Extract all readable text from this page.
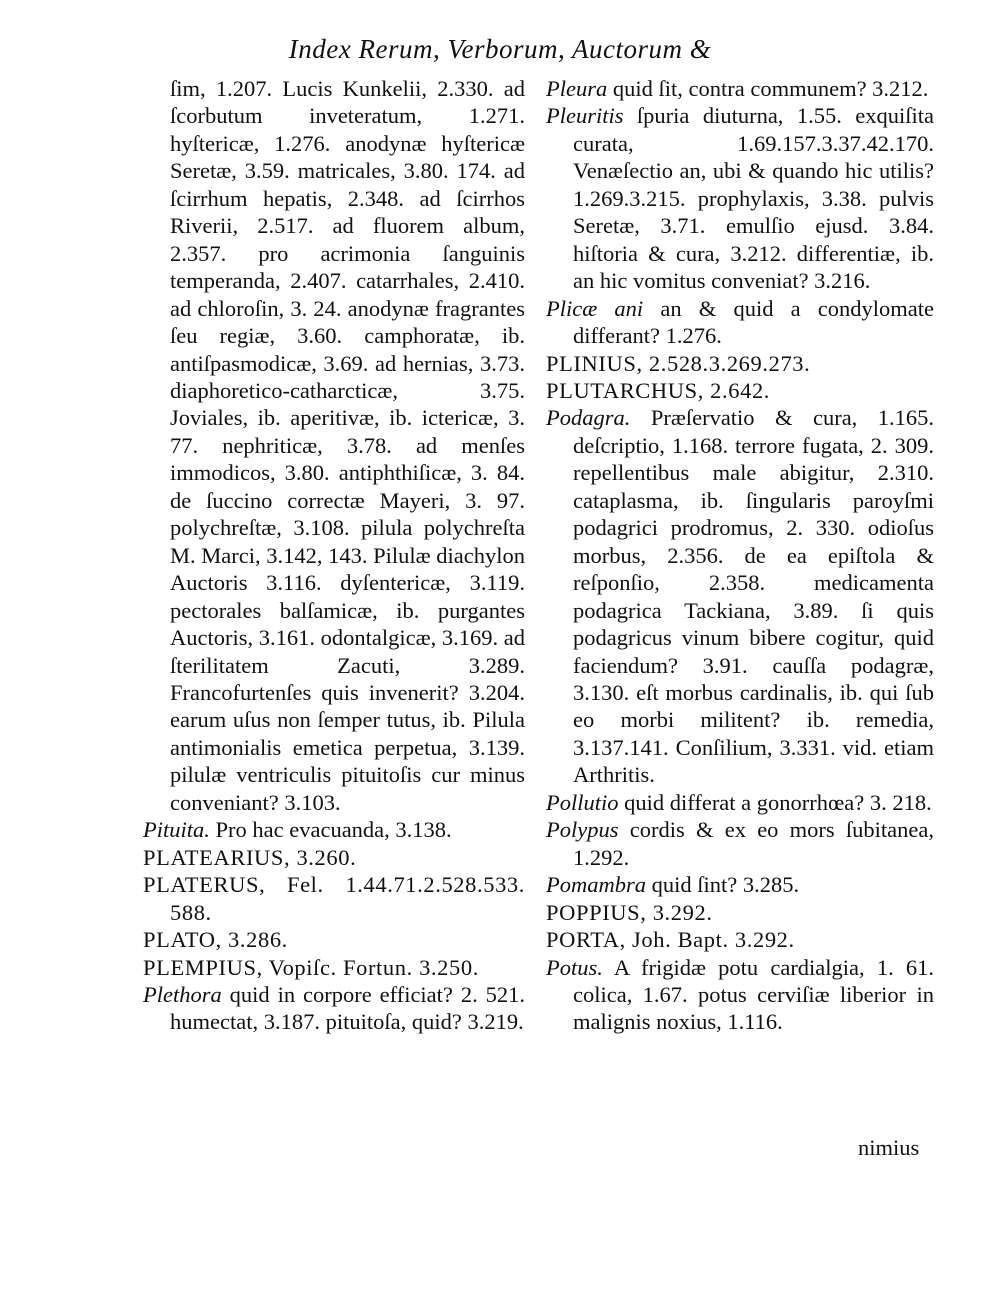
Index Rerum, Verborum, Auctorum &

ſim, 1.207. Lucis Kunkelii, 2.330. ad ſcorbutum inveteratum, 1.271. hyſtericæ, 1.276. anodynæ hyſtericæ Seretæ, 3.59. matricales, 3.80. 174. ad ſcirrhum hepatis, 2.348. ad ſcirrhos Riverii, 2.517. ad fluorem album, 2.357. pro acrimonia ſanguinis temperanda, 2.407. catarrhales, 2.410. ad chloroſin, 3. 24. anodynæ fragrantes ſeu regiæ, 3.60. camphoratæ, ib. antiſpasmodicæ, 3.69. ad hernias, 3.73. diaphoretico-catharcticæ, 3.75. Joviales, ib. aperitivæ, ib. ictericæ, 3. 77. nephriticæ, 3.78. ad menſes immodicos, 3.80. antiphthiſicæ, 3. 84. de ſuccino correctæ Mayeri, 3. 97. polychreſtæ, 3.108. pilula polychreſta M. Marci, 3.142, 143. Pilulæ diachylon Auctoris 3.116. dyſentericæ, 3.119. pectorales balſamicæ, ib. purgantes Auctoris, 3.161. odontalgicæ, 3.169. ad ſterilitatem Zacuti, 3.289. Francofurtenſes quis invenerit? 3.204. earum uſus non ſemper tutus, ib. Pilula antimonialis emetica perpetua, 3.139. pilulæ ventriculis pituitoſis cur minus conveniant? 3.103.

Pituita. Pro hac evacuanda, 3.138.

PLATEARIUS, 3.260.

PLATERUS, Fel. 1.44.71.2.528.533. 588.

PLATO, 3.286.

PLEMPIUS, Vopiſc. Fortun. 3.250.

Plethora quid in corpore efficiat? 2. 521. humectat, 3.187. pituitoſa, quid? 3.219.

Pleura quid ſit, contra communem? 3.212.

Pleuritis ſpuria diuturna, 1.55. exquiſita curata, 1.69.157.3.37.42.170. Venæſectio an, ubi & quando hic utilis? 1.269.3.215. prophylaxis, 3.38. pulvis Seretæ, 3.71. emulſio ejusd. 3.84. hiſtoria & cura, 3.212. differentiæ, ib. an hic vomitus conveniat? 3.216.

Plicæ ani an & quid a condylomate differant? 1.276.

PLINIUS, 2.528.3.269.273.

PLUTARCHUS, 2.642.

Podagra. Præſervatio & cura, 1.165. deſcriptio, 1.168. terrore fugata, 2. 309. repellentibus male abigitur, 2.310. cataplasma, ib. ſingularis paroyſmi podagrici prodromus, 2. 330. odioſus morbus, 2.356. de ea epiſtola & reſponſio, 2.358. medicamenta podagrica Tackiana, 3.89. ſi quis podagricus vinum bibere cogitur, quid faciendum? 3.91. cauſſa podagræ, 3.130. eſt morbus cardinalis, ib. qui ſub eo morbi militent? ib. remedia, 3.137.141. Conſilium, 3.331. vid. etiam Arthritis.

Pollutio quid differat a gonorrhœa? 3. 218.

Polypus cordis & ex eo mors ſubitanea, 1.292.

Pomambra quid ſint? 3.285.

POPPIUS, 3.292.

PORTA, Joh. Bapt. 3.292.

Potus. A frigidæ potu cardialgia, 1. 61. colica, 1.67. potus cerviſiæ liberior in malignis noxius, 1.116.

nimius
